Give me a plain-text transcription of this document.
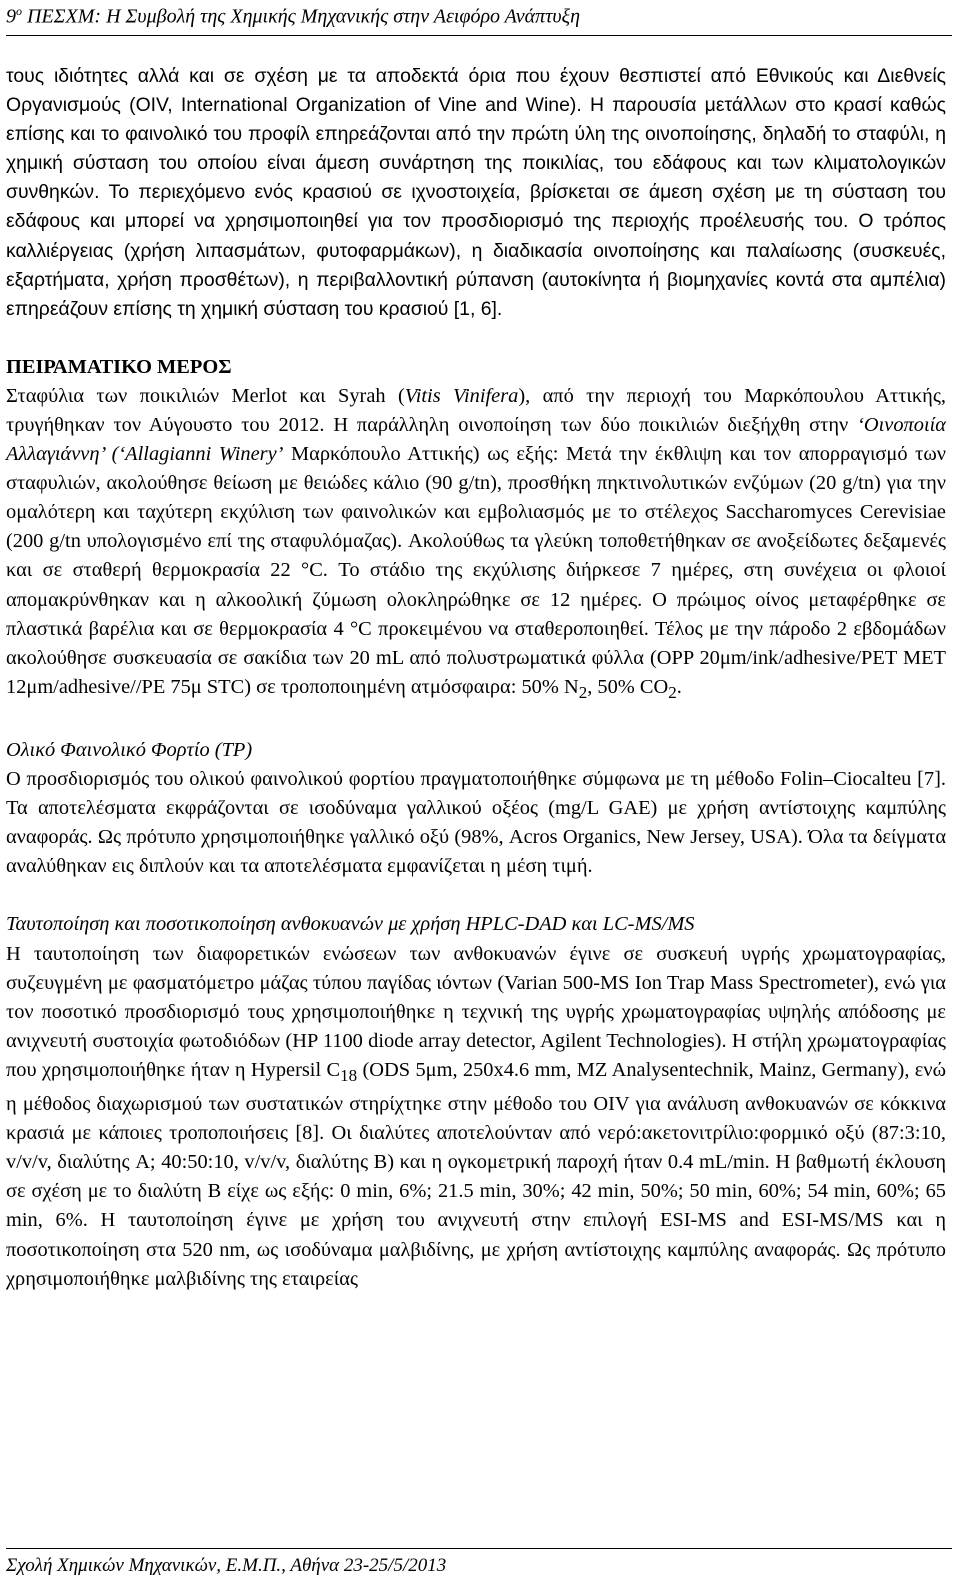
$9^o$ ΠΕΣΧΜ: Η Συμβολή της Χημικής Μηχανικής στην Αειφόρο Ανάπτυξη

τους ιδιότητες αλλά και σε σχέση με τα αποδεκτά όρια που έχουν θεσπιστεί από Εθνικούς και Διεθνείς Οργανισμούς (OIV, International Organization of Vine and Wine). Η παρουσία μετάλλων στο κρασί καθώς επίσης και το φαινολικό του προφίλ επηρεάζονται από την πρώτη ύλη της οινοποίησης, δηλαδή το σταφύλι, η χημική σύσταση του οποίου είναι άμεση συνάρτηση της ποικιλίας, του εδάφους και των κλιματολογικών συνθηκών. Το περιεχόμενο ενός κρασιού σε ιχνοστοιχεία, βρίσκεται σε άμεση σχέση με τη σύσταση του εδάφους και μπορεί να χρησιμοποιηθεί για τον προσδιορισμό της περιοχής προέλευσής του. Ο τρόπος καλλιέργειας (χρήση λιπασμάτων, φυτοφαρμάκων), η διαδικασία οινοποίησης και παλαίωσης (συσκευές, εξαρτήματα, χρήση προσθέτων), η περιβαλλοντική ρύπανση (αυτοκίνητα ή βιομηχανίες κοντά στα αμπέλια) επηρεάζουν επίσης τη χημική σύσταση του κρασιού [1, 6].

ΠΕΙΡΑΜΑΤΙΚΟ ΜΕΡΟΣ

Σταφύλια των ποικιλιών Merlot και Syrah (Vitis Vinifera), από την περιοχή του Μαρκόπουλου Αττικής, τρυγήθηκαν τον Αύγουστο του 2012. Η παράλληλη οινοποίηση των δύο ποικιλιών διεξήχθη στην ‘Οινοποιία Αλλαγιάννη’ (‘Allagianni Winery’ Μαρκόπουλο Αττικής) ως εξής: Μετά την έκθλιψη και τον απορραγισμό των σταφυλιών, ακολούθησε θείωση με θειώδες κάλιο (90 g/tn), προσθήκη πηκτινολυτικών ενζύμων (20 g/tn) για την ομαλότερη και ταχύτερη εκχύλιση των φαινολικών και εμβολιασμός με το στέλεχος Saccharomyces Cerevisiae (200 g/tn υπολογισμένο επί της σταφυλόμαζας). Ακολούθως τα γλεύκη τοποθετήθηκαν σε ανοξείδωτες δεξαμενές και σε σταθερή θερμοκρασία 22 °C. Το στάδιο της εκχύλισης διήρκεσε 7 ημέρες, στη συνέχεια οι φλοιοί απομακρύνθηκαν και η αλκοολική ζύμωση ολοκληρώθηκε σε 12 ημέρες. Ο πρώιμος οίνος μεταφέρθηκε σε πλαστικά βαρέλια και σε θερμοκρασία 4 °C προκειμένου να σταθεροποιηθεί. Τέλος με την πάροδο 2 εβδομάδων ακολούθησε συσκευασία σε σακίδια των 20 mL από πολυστρωματικά φύλλα (OPP 20μm/ink/adhesive/PET MET 12μm/adhesive//PE 75μ STC) σε τροποποιημένη ατμόσφαιρα: 50% $N_2$, 50% $CO_2$.

Ολικό Φαινολικό Φορτίο (TP)

Ο προσδιορισμός του ολικού φαινολικού φορτίου πραγματοποιήθηκε σύμφωνα με τη μέθοδο Folin–Ciocalteu [7]. Τα αποτελέσματα εκφράζονται σε ισοδύναμα γαλλικού οξέος (mg/L GAE) με χρήση αντίστοιχης καμπύλης αναφοράς. Ως πρότυπο χρησιμοποιήθηκε γαλλικό οξύ (98%, Acros Organics, New Jersey, USA). Όλα τα δείγματα αναλύθηκαν εις διπλούν και τα αποτελέσματα εμφανίζεται η μέση τιμή.

Ταυτοποίηση και ποσοτικοποίηση ανθοκυανών με χρήση HPLC-DAD και LC-MS/MS

Η ταυτοποίηση των διαφορετικών ενώσεων των ανθοκυανών έγινε σε συσκευή υγρής χρωματογραφίας, συζευγμένη με φασματόμετρο μάζας τύπου παγίδας ιόντων (Varian 500-MS Ion Trap Mass Spectrometer), ενώ για τον ποσοτικό προσδιορισμό τους χρησιμοποιήθηκε η τεχνική της υγρής χρωματογραφίας υψηλής απόδοσης με ανιχνευτή συστοιχία φωτοδιόδων (HP 1100 diode array detector, Agilent Technologies). Η στήλη χρωματογραφίας που χρησιμοποιήθηκε ήταν η Hypersil $C_{18}$ (ODS 5μm, 250x4.6 mm, MZ Analysentechnik, Mainz, Germany), ενώ η μέθοδος διαχωρισμού των συστατικών στηρίχτηκε στην μέθοδο του OIV για ανάλυση ανθοκυανών σε κόκκινα κρασιά με κάποιες τροποποιήσεις [8]. Οι διαλύτες αποτελούνταν από νερό:ακετονιτρίλιο:φορμικό οξύ (87:3:10, v/v/v, διαλύτης A; 40:50:10, v/v/v, διαλύτης B) και η ογκομετρική παροχή ήταν 0.4 mL/min. Η βαθμωτή έκλουση σε σχέση με το διαλύτη B είχε ως εξής: 0 min, 6%; 21.5 min, 30%; 42 min, 50%; 50 min, 60%; 54 min, 60%; 65 min, 6%. Η ταυτοποίηση έγινε με χρήση του ανιχνευτή στην επιλογή ESI-MS and ESI-MS/MS και η ποσοτικοποίηση στα 520 nm, ως ισοδύναμα μαλβιδίνης, με χρήση αντίστοιχης καμπύλης αναφοράς. Ως πρότυπο χρησιμοποιήθηκε μαλβιδίνης της εταιρείας

Σχολή Χημικών Μηχανικών, Ε.Μ.Π., Αθήνα 23-25/5/2013
